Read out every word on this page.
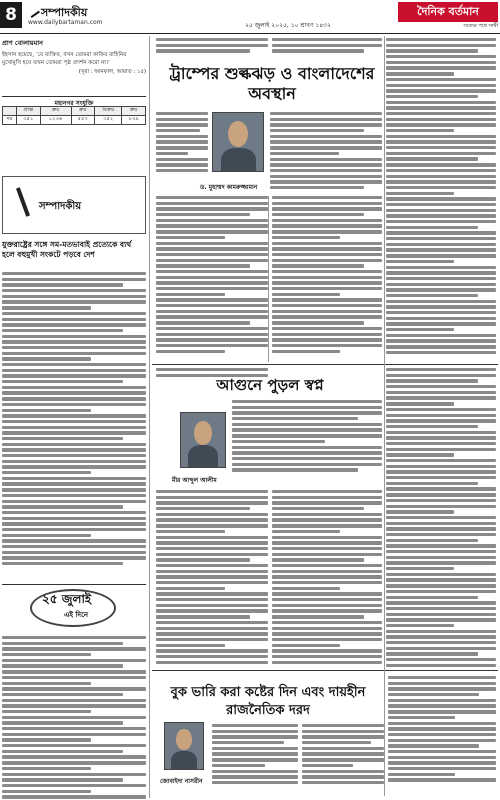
8	সম্পাদকীয়
www.dailybartaman.com	২৫ জুলাই ২০২৫, ১০ শ্রাবণ ১৪৩২
দৈনিক বর্তমান
সত্যের পথে সাথী
প্রাণ বোলায়মান
ইহসান হয়েছে, ‘যে ব্যক্তির, বখন তোমরা কাফির বাহিনির মুখোমুখি হবে তখন তোমরা পৃষ্ঠ প্রদর্শন করো না।’
(সূরা : আনফাল, আয়াত : ১৫)
মহানগর সংযুক্তি
	প্রাপ্ত	ক্রয়	ক্রয়	বিক্রয়	ক্রয়
দর	৩৫১	১২৩৬	৫৫৭	৩৫২	৮৩৯
সম্পাদকীয়
যুক্তরাষ্ট্রের সঙ্গে সম-মতভাবাই প্রত্যেকে ব্যর্থ হলে বহুমুখী সংকটে পড়বে দেশ
২৫ জুলাই
এই দিনে
ট্রাম্পের শুল্কঝড় ও বাংলাদেশের অবস্থান
ড. মুহাম্মদ কামরুজ্জামান
আগুনে পুড়ল স্বপ্ন
মীর আব্দুল আলীম
বুক ভারি করা কষ্টের দিন এবং দায়হীন রাজনৈতিক দরদ
জোবাইদা নাসরীন
